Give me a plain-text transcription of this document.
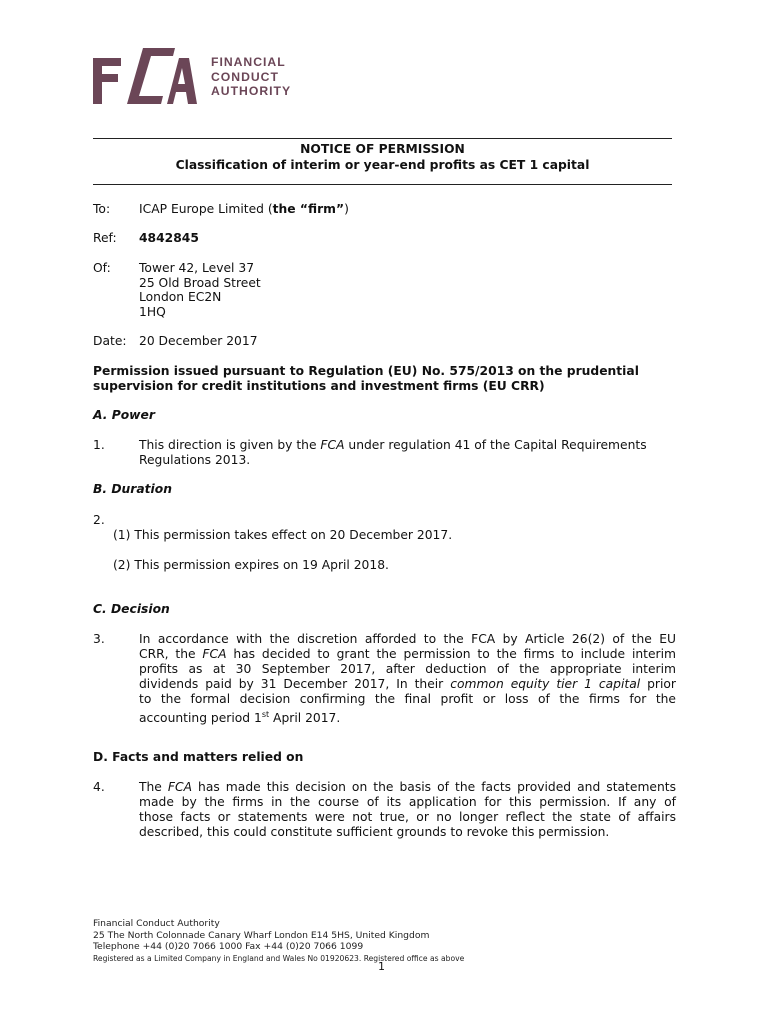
FINANCIAL
CONDUCT
AUTHORITY
NOTICE OF PERMISSION
Classification of interim or year-end profits as CET 1 capital
To: ICAP Europe Limited (the “firm”)
Ref: 4842845
Of: Tower 42, Level 37
25 Old Broad Street
London EC2N
1HQ
Date: 20 December 2017
Permission issued pursuant to Regulation (EU) No. 575/2013 on the prudential
supervision for credit institutions and investment firms (EU CRR)
A. Power
1.	This direction is given by the FCA under regulation 41 of the Capital Requirements
Regulations 2013.
B. Duration
2.
(1) This permission takes effect on 20 December 2017.
(2) This permission expires on 19 April 2018.
C. Decision
3.	In accordance with the discretion afforded to the FCA by Article 26(2) of the EU
CRR, the FCA has decided to grant the permission to the firms to include interim
profits as at 30 September 2017, after deduction of the appropriate interim
dividends paid by 31 December 2017, In their common equity tier 1 capital prior
to the formal decision confirming the final profit or loss of the firms for the
accounting period 1st April 2017.
D. Facts and matters relied on
4.	The FCA has made this decision on the basis of the facts provided and statements
made by the firms in the course of its application for this permission. If any of
those facts or statements were not true, or no longer reflect the state of affairs
described, this could constitute sufficient grounds to revoke this permission.
Financial Conduct Authority
25 The North Colonnade Canary Wharf London E14 5HS, United Kingdom
Telephone +44 (0)20 7066 1000 Fax +44 (0)20 7066 1099
Registered as a Limited Company in England and Wales No 01920623. Registered office as above
1
